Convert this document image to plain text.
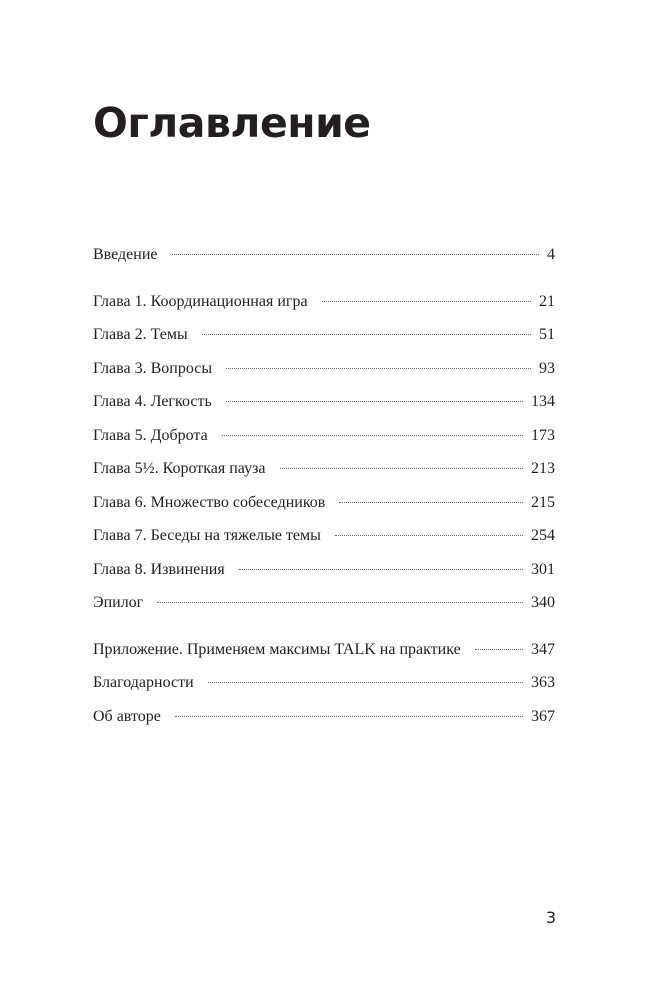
Оглавление
Введение	4
Глава 1. Координационная игра	21
Глава 2. Темы	51
Глава 3. Вопросы	93
Глава 4. Легкость	134
Глава 5. Доброта	173
Глава 5½. Короткая пауза	213
Глава 6. Множество собеседников	215
Глава 7. Беседы на тяжелые темы	254
Глава 8. Извинения	301
Эпилог	340
Приложение. Применяем максимы TALK на практике	347
Благодарности	363
Об авторе	367
3
